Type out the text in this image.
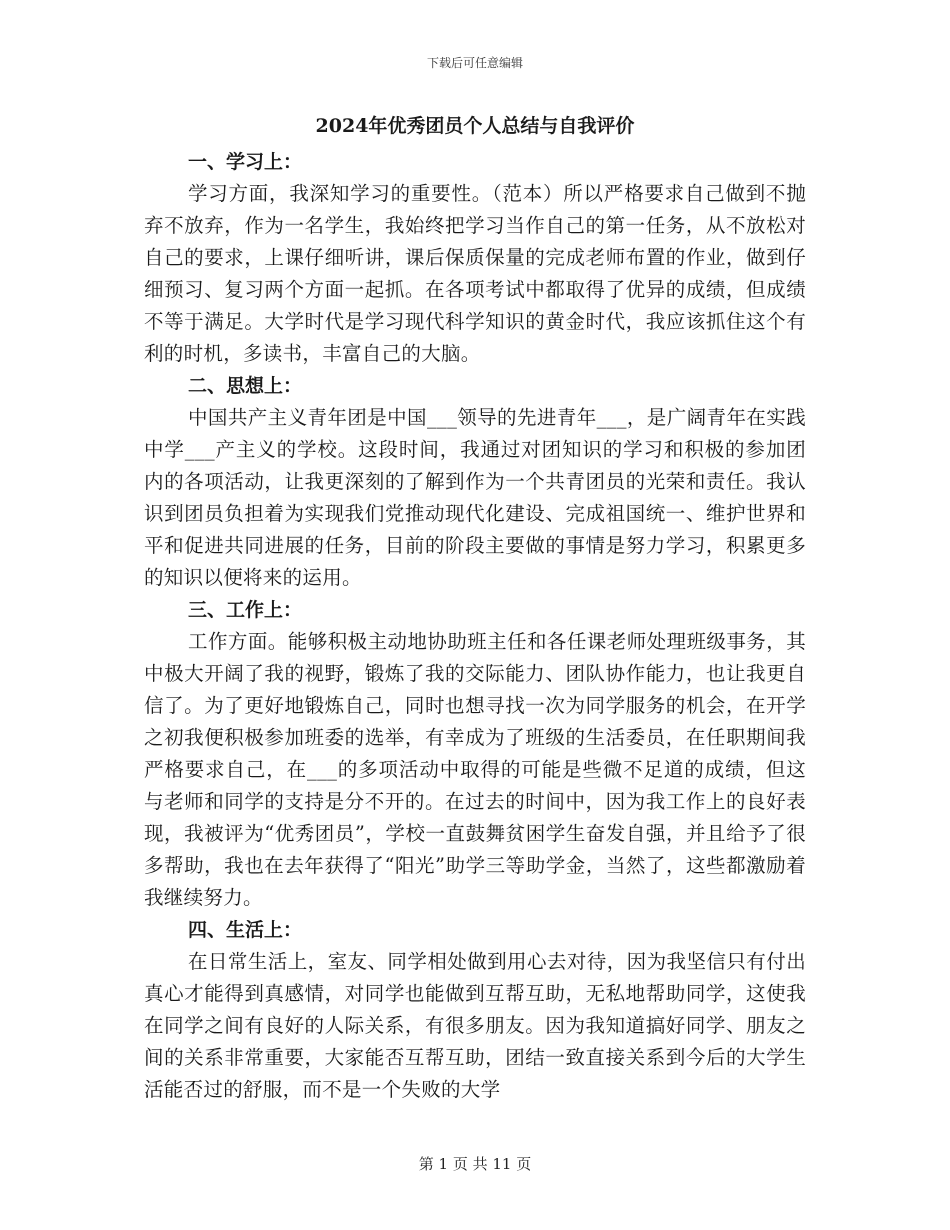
下载后可任意编辑
2024年优秀团员个人总结与自我评价
一、学习上：

学习方面，我深知学习的重要性。（范本）所以严格要求自己做到不抛弃不放弃，作为一名学生，我始终把学习当作自己的第一任务，从不放松对自己的要求，上课仔细听讲，课后保质保量的完成老师布置的作业，做到仔细预习、复习两个方面一起抓。在各项考试中都取得了优异的成绩，但成绩不等于满足。大学时代是学习现代科学知识的黄金时代，我应该抓住这个有利的时机，多读书，丰富自己的大脑。

二、思想上：

中国共产主义青年团是中国___领导的先进青年___，是广阔青年在实践中学___产主义的学校。这段时间，我通过对团知识的学习和积极的参加团内的各项活动，让我更深刻的了解到作为一个共青团员的光荣和责任。我认识到团员负担着为实现我们党推动现代化建设、完成祖国统一、维护世界和平和促进共同进展的任务，目前的阶段主要做的事情是努力学习，积累更多的知识以便将来的运用。

三、工作上：

工作方面。能够积极主动地协助班主任和各任课老师处理班级事务，其中极大开阔了我的视野，锻炼了我的交际能力、团队协作能力，也让我更自信了。为了更好地锻炼自己，同时也想寻找一次为同学服务的机会，在开学之初我便积极参加班委的选举，有幸成为了班级的生活委员，在任职期间我严格要求自己，在___的多项活动中取得的可能是些微不足道的成绩，但这与老师和同学的支持是分不开的。在过去的时间中，因为我工作上的良好表现，我被评为“优秀团员”，学校一直鼓舞贫困学生奋发自强，并且给予了很多帮助，我也在去年获得了“阳光”助学三等助学金，当然了，这些都激励着我继续努力。

四、生活上：

在日常生活上，室友、同学相处做到用心去对待，因为我坚信只有付出真心才能得到真感情，对同学也能做到互帮互助，无私地帮助同学，这使我在同学之间有良好的人际关系，有很多朋友。因为我知道搞好同学、朋友之间的关系非常重要，大家能否互帮互助，团结一致直接关系到今后的大学生活能否过的舒服，而不是一个失败的大学

第 1 页 共 11 页
